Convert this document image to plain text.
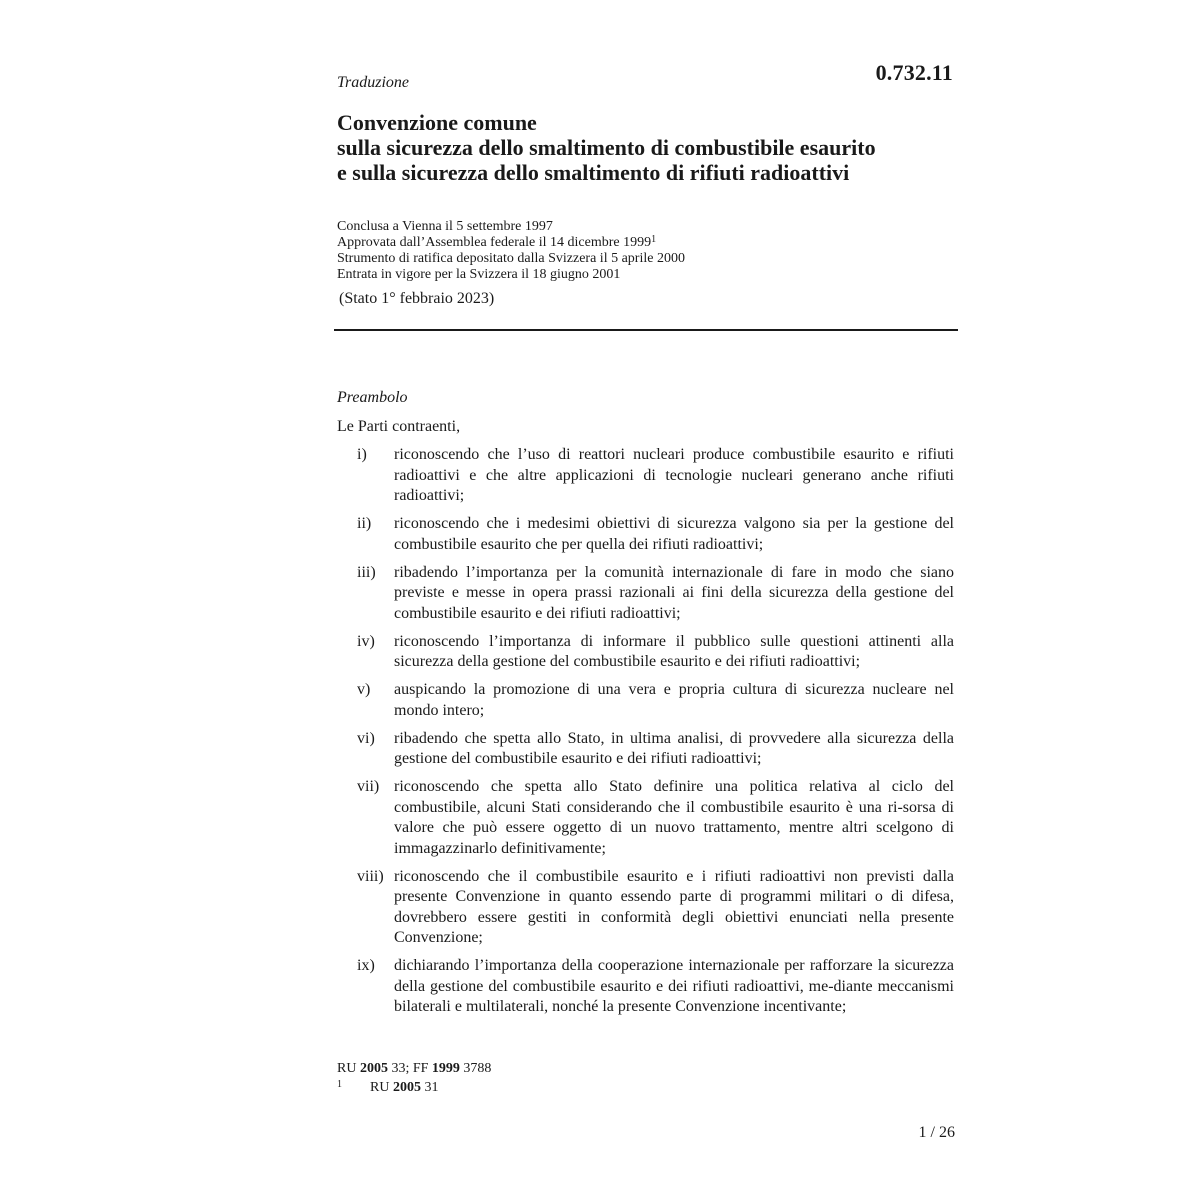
0.732.11
Traduzione
Convenzione comune
sulla sicurezza dello smaltimento di combustibile esaurito
e sulla sicurezza dello smaltimento di rifiuti radioattivi
Conclusa a Vienna il 5 settembre 1997
Approvata dall’Assemblea federale il 14 dicembre 1999$^1$
Strumento di ratifica depositato dalla Svizzera il 5 aprile 2000
Entrata in vigore per la Svizzera il 18 giugno 2001
(Stato 1° febbraio 2023)
Preambolo
Le Parti contraenti,
i)	riconoscendo che l’uso di reattori nucleari produce combustibile esaurito e rifiuti radioattivi e che altre applicazioni di tecnologie nucleari generano anche rifiuti radioattivi;
ii)	riconoscendo che i medesimi obiettivi di sicurezza valgono sia per la gestione del combustibile esaurito che per quella dei rifiuti radioattivi;
iii)	ribadendo l’importanza per la comunità internazionale di fare in modo che siano previste e messe in opera prassi razionali ai fini della sicurezza della gestione del combustibile esaurito e dei rifiuti radioattivi;
iv)	riconoscendo l’importanza di informare il pubblico sulle questioni attinenti alla sicurezza della gestione del combustibile esaurito e dei rifiuti radioattivi;
v)	auspicando la promozione di una vera e propria cultura di sicurezza nucleare nel mondo intero;
vi)	ribadendo che spetta allo Stato, in ultima analisi, di provvedere alla sicurezza della gestione del combustibile esaurito e dei rifiuti radioattivi;
vii) riconoscendo che spetta allo Stato definire una politica relativa al ciclo del combustibile, alcuni Stati considerando che il combustibile esaurito è una ri-sorsa di valore che può essere oggetto di un nuovo trattamento, mentre altri scelgono di immagazzinarlo definitivamente;
viii) riconoscendo che il combustibile esaurito e i rifiuti radioattivi non previsti dalla presente Convenzione in quanto essendo parte di programmi militari o di difesa, dovrebbero essere gestiti in conformità degli obiettivi enunciati nella presente Convenzione;
ix)	dichiarando l’importanza della cooperazione internazionale per rafforzare la sicurezza della gestione del combustibile esaurito e dei rifiuti radioattivi, me-diante meccanismi bilaterali e multilaterali, nonché la presente Convenzione incentivante;
RU 2005 33; FF 1999 3788
1 RU 2005 31
1 / 26
